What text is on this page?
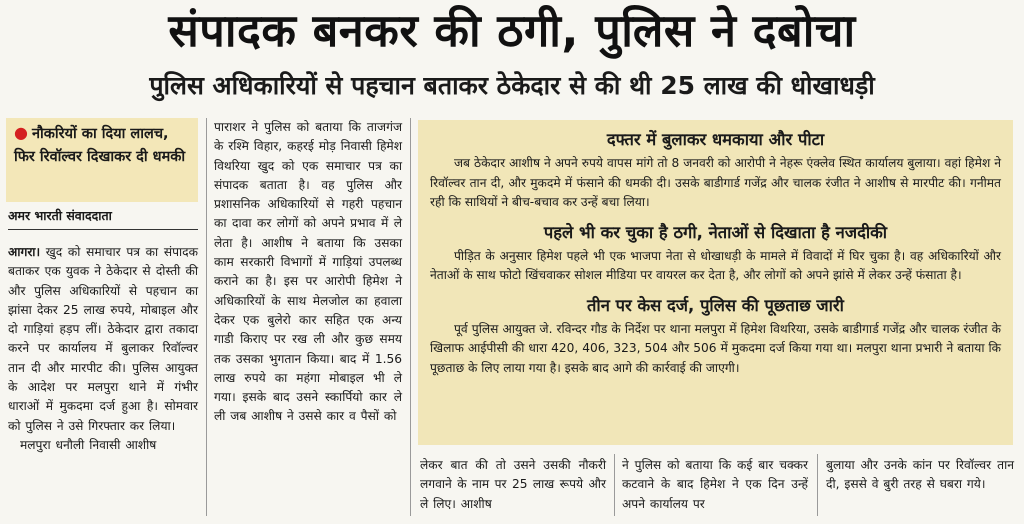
संपादक बनकर की ठगी, पुलिस ने दबोचा
पुलिस अधिकारियों से पहचान बताकर ठेकेदार से की थी 25 लाख की धोखाधड़ी
● नौकरियों का दिया लालच, फिर रिवॉल्वर दिखाकर दी धमकी
अमर भारती संवाददाता
आगरा। खुद को समाचार पत्र का संपादक बताकर एक युवक ने ठेकेदार से दोस्ती की और पुलिस अधिकारियों से पहचान का झांसा देकर 25 लाख रुपये, मोबाइल और दो गाड़ियां हड़प लीं। ठेकेदार द्वारा तकादा करने पर कार्यालय में बुलाकर रिवॉल्वर तान दी और मारपीट की। पुलिस आयुक्त के आदेश पर मलपुरा थाने में गंभीर धाराओं में मुकदमा दर्ज हुआ है। सोमवार को पुलिस ने उसे गिरफ्तार कर लिया।
मलपुरा धनौली निवासी आशीष
पाराशर ने पुलिस को बताया कि ताजगंज के रश्मि विहार, कहरई मोड़ निवासी हिमेश विथरिया खुद को एक समाचार पत्र का संपादक बताता है। वह पुलिस और प्रशासनिक अधिकारियों से गहरी पहचान का दावा कर लोगों को अपने प्रभाव में ले लेता है। आशीष ने बताया कि उसका काम सरकारी विभागों में गाड़ियां उपलब्ध कराने का है। इस पर आरोपी हिमेश ने अधिकारियों के साथ मेलजोल का हवाला देकर एक बुलेरो कार सहित एक अन्य गाडी किराए पर रख ली और कुछ समय तक उसका भुगतान किया। बाद में 1.56 लाख रुपये का महंगा मोबाइल भी ले गया। इसके बाद उसने स्कार्पियो कार ले ली जब आशीष ने उससे कार व पैसों को
दफ्तर में बुलाकर धमकाया और पीटा

जब ठेकेदार आशीष ने अपने रुपये वापस मांगे तो 8 जनवरी को आरोपी ने नेहरू एंक्लेव स्थित कार्यालय बुलाया। वहां हिमेश ने रिवॉल्वर तान दी, और मुकदमे में फंसाने की धमकी दी। उसके बाडीगार्ड गजेंद्र और चालक रंजीत ने आशीष से मारपीट की। गनीमत रही कि साथियों ने बीच-बचाव कर उन्हें बचा लिया।

पहले भी कर चुका है ठगी, नेताओं से दिखाता है नजदीकी

पीड़ित के अनुसार हिमेश पहले भी एक भाजपा नेता से धोखाधड़ी के मामले में विवादों में घिर चुका है। वह अधिकारियों और नेताओं के साथ फोटो खिंचवाकर सोशल मीडिया पर वायरल कर देता है, और लोगों को अपने झांसे में लेकर उन्हें फंसाता है।

तीन पर केस दर्ज, पुलिस की पूछताछ जारी

पूर्व पुलिस आयुक्त जे. रविन्दर गौड के निर्देश पर थाना मलपुरा में हिमेश विथरिया, उसके बाडीगार्ड गजेंद्र और चालक रंजीत के खिलाफ आईपीसी की धारा 420, 406, 323, 504 और 506 में मुकदमा दर्ज किया गया था। मलपुरा थाना प्रभारी ने बताया कि पूछताछ के लिए लाया गया है। इसके बाद आगे की कार्रवाई की जाएगी।

लेकर बात की तो उसने उसकी नौकरी लगवाने के नाम पर 25 लाख रूपये और ले लिए। आशीष
ने पुलिस को बताया कि कई बार चक्कर कटवाने के बाद हिमेश ने एक दिन उन्हें अपने कार्यालय पर
बुलाया और उनके कांन पर रिवॉल्वर तान दी, इससे वे बुरी तरह से घबरा गये।
